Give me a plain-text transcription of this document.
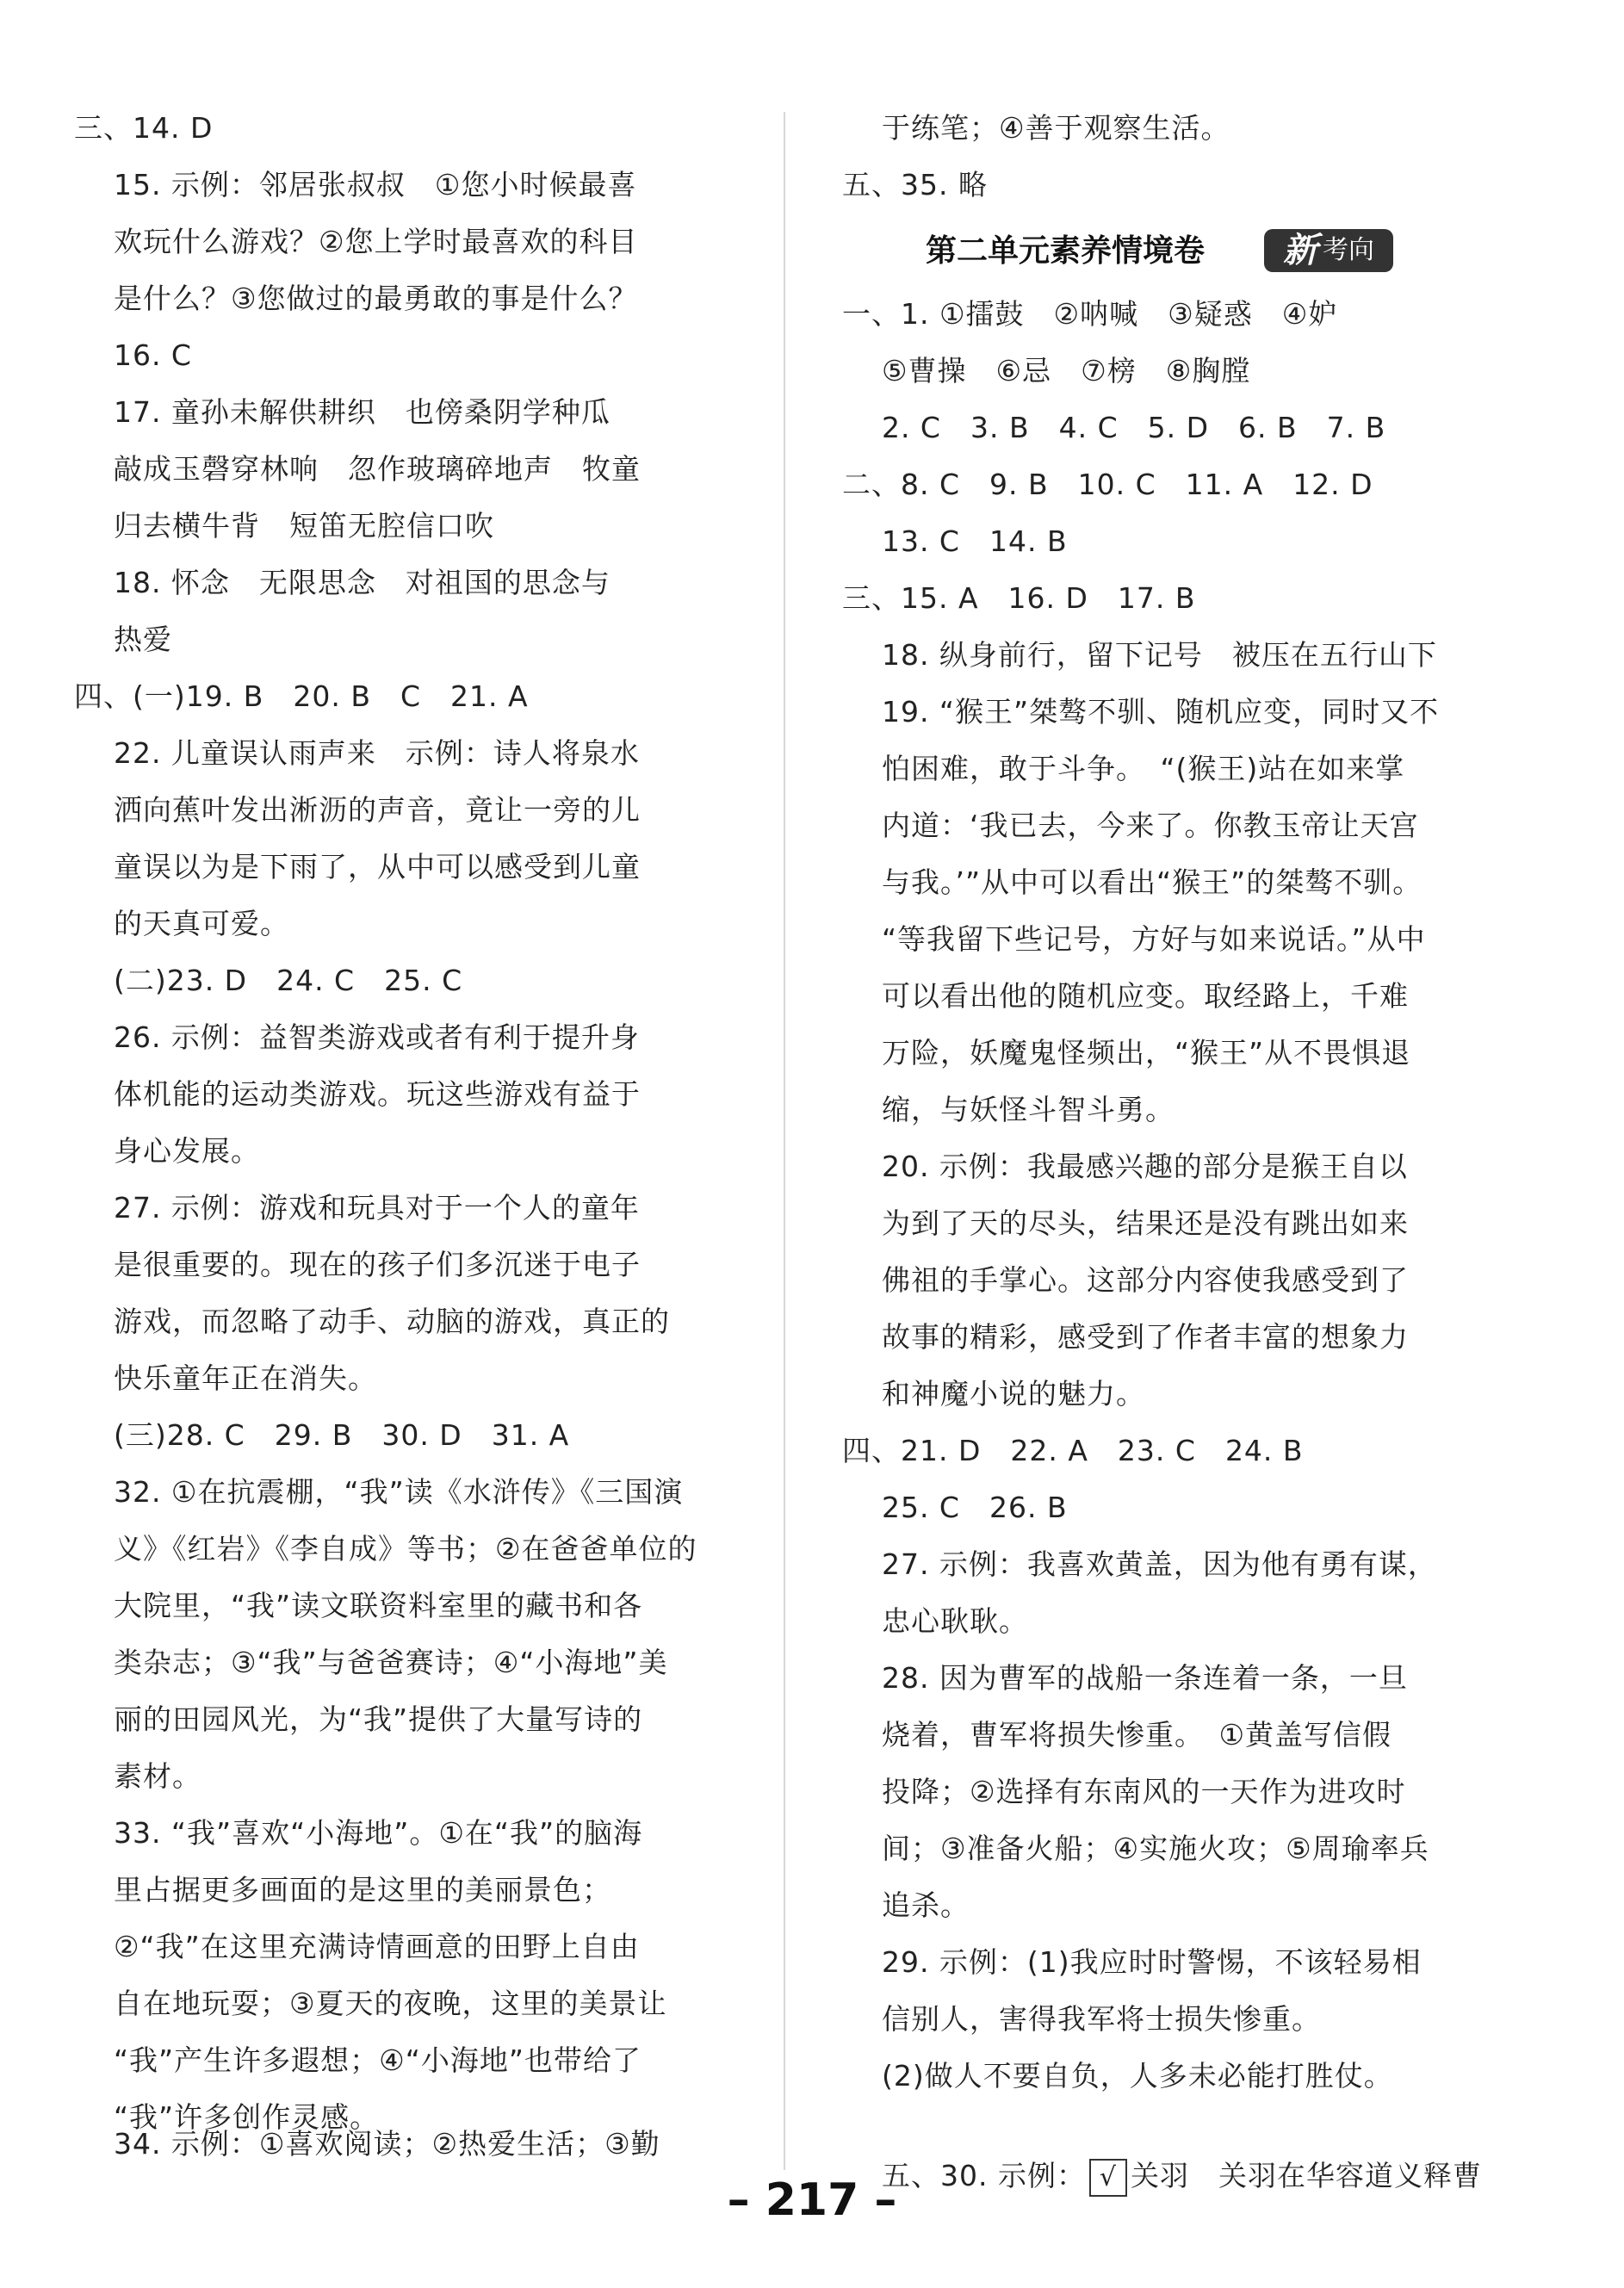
三、14. D
15. 示例：邻居张叔叔　①您小时候最喜
欢玩什么游戏？②您上学时最喜欢的科目
是什么？③您做过的最勇敢的事是什么？
16. C
17. 童孙未解供耕织　也傍桑阴学种瓜
敲成玉磬穿林响　忽作玻璃碎地声　牧童
归去横牛背　短笛无腔信口吹
18. 怀念　无限思念　对祖国的思念与
热爱
四、(一)19. B　20. B　C　21. A
22. 儿童误认雨声来　示例：诗人将泉水
洒向蕉叶发出淅沥的声音，竟让一旁的儿
童误以为是下雨了，从中可以感受到儿童
的天真可爱。
(二)23. D　24. C　25. C
26. 示例：益智类游戏或者有利于提升身
体机能的运动类游戏。玩这些游戏有益于
身心发展。
27. 示例：游戏和玩具对于一个人的童年
是很重要的。现在的孩子们多沉迷于电子
游戏，而忽略了动手、动脑的游戏，真正的
快乐童年正在消失。
(三)28. C　29. B　30. D　31. A
32. ①在抗震棚，“我”读《水浒传》《三国演
义》《红岩》《李自成》等书；②在爸爸单位的
大院里，“我”读文联资料室里的藏书和各
类杂志；③“我”与爸爸赛诗；④“小海地”美
丽的田园风光，为“我”提供了大量写诗的
素材。
33. “我”喜欢“小海地”。①在“我”的脑海
里占据更多画面的是这里的美丽景色；
②“我”在这里充满诗情画意的田野上自由
自在地玩耍；③夏天的夜晚，这里的美景让
“我”产生许多遐想；④“小海地”也带给了
“我”许多创作灵感。
34. 示例：①喜欢阅读；②热爱生活；③勤
于练笔；④善于观察生活。
五、35. 略
第二单元素养情境卷 新 考向
一、1. ①擂鼓　②呐喊　③疑惑　④妒
⑤曹操　⑥忌　⑦榜　⑧胸膛
2. C　3. B　4. C　5. D　6. B　7. B
二、8. C　9. B　10. C　11. A　12. D
13. C　14. B
三、15. A　16. D　17. B
18. 纵身前行，留下记号　被压在五行山下
19. “猴王”桀骜不驯、随机应变，同时又不
怕困难，敢于斗争。　“(猴王)站在如来掌
内道：‘我已去，今来了。你教玉帝让天宫
与我。’”从中可以看出“猴王”的桀骜不驯。
“等我留下些记号，方好与如来说话。”从中
可以看出他的随机应变。取经路上，千难
万险，妖魔鬼怪频出，“猴王”从不畏惧退
缩，与妖怪斗智斗勇。
20. 示例：我最感兴趣的部分是猴王自以
为到了天的尽头，结果还是没有跳出如来
佛祖的手掌心。这部分内容使我感受到了
故事的精彩，感受到了作者丰富的想象力
和神魔小说的魅力。
四、21. D　22. A　23. C　24. B
25. C　26. B
27. 示例：我喜欢黄盖，因为他有勇有谋，
忠心耿耿。
28. 因为曹军的战船一条连着一条，一旦
烧着，曹军将损失惨重。　①黄盖写信假
投降；②选择有东南风的一天作为进攻时
间；③准备火船；④实施火攻；⑤周瑜率兵
追杀。
29. 示例：(1)我应时时警惕，不该轻易相
信别人，害得我军将士损失惨重。
(2)做人不要自负，人多未必能打胜仗。

五、30. 示例： √ 关羽　关羽在华容道义释曹

– 217 –
